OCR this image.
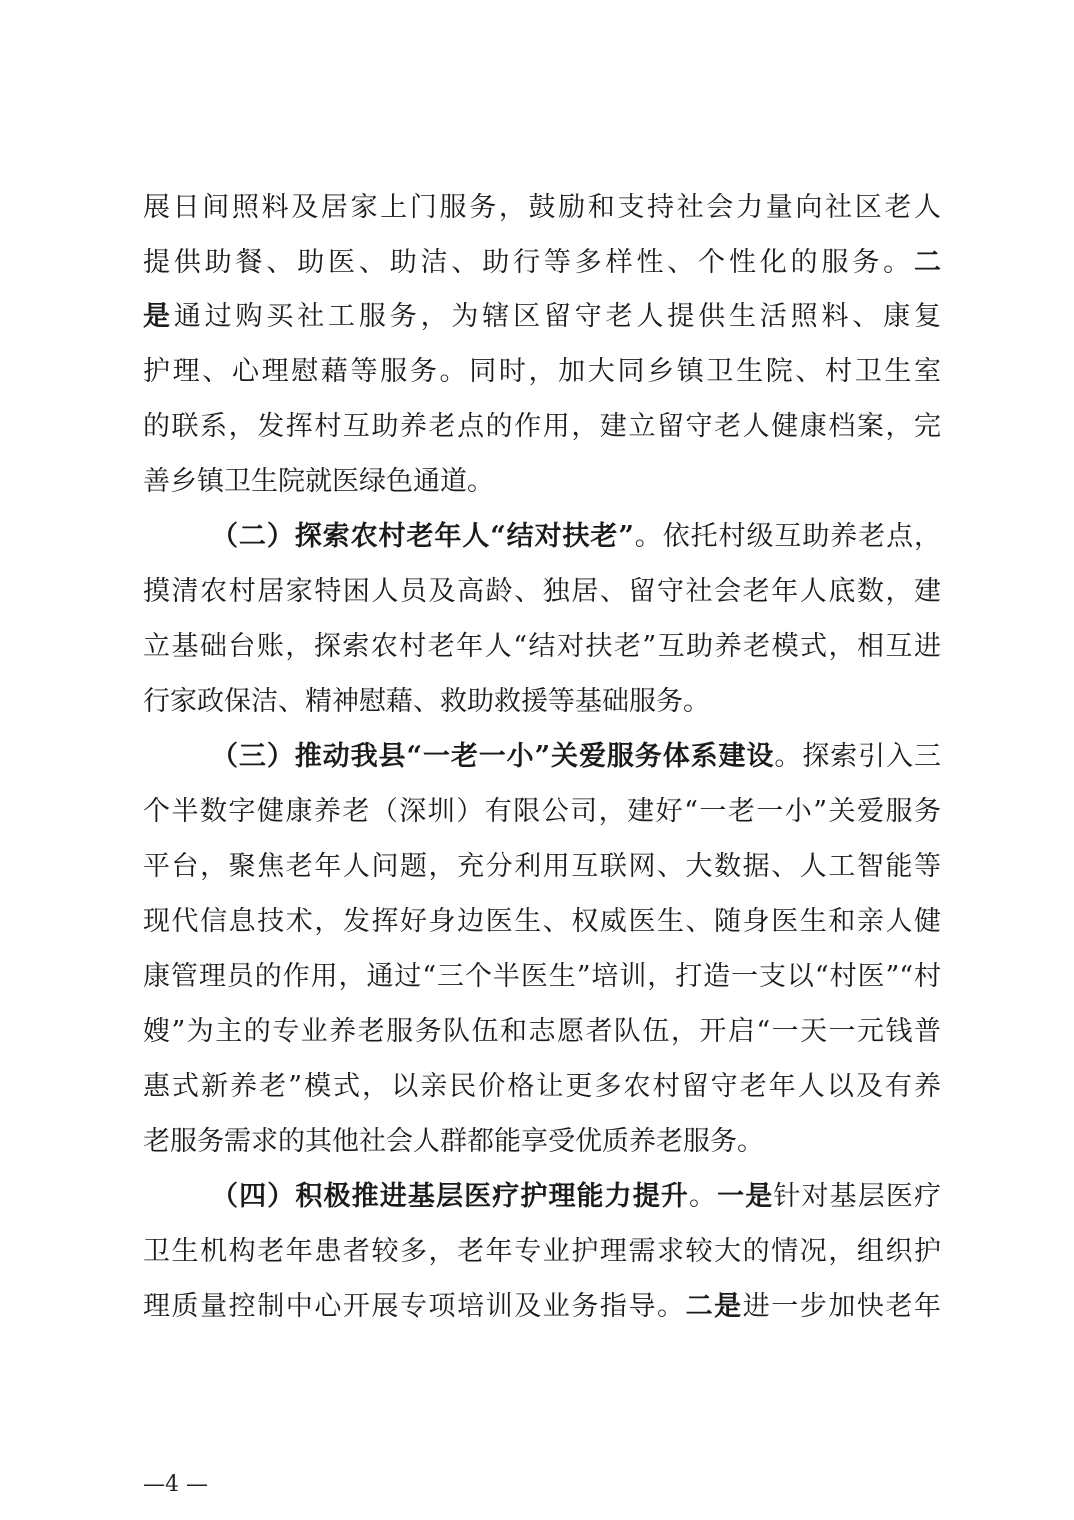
展日间照料及居家上门服务，鼓励和支持社会力量向社区老人
提供助餐、助医、助洁、助行等多样性、个性化的服务。二
是通过购买社工服务，为辖区留守老人提供生活照料、康复
护理、心理慰藉等服务。同时，加大同乡镇卫生院、村卫生室
的联系，发挥村互助养老点的作用，建立留守老人健康档案，完
善乡镇卫生院就医绿色通道。
（二）探索农村老年人“结对扶老”。依托村级互助养老点，
摸清农村居家特困人员及高龄、独居、留守社会老年人底数，建
立基础台账，探索农村老年人“结对扶老”互助养老模式，相互进
行家政保洁、精神慰藉、救助救援等基础服务。
（三）推动我县“一老一小”关爱服务体系建设。探索引入三
个半数字健康养老（深圳）有限公司，建好“一老一小”关爱服务
平台，聚焦老年人问题，充分利用互联网、大数据、人工智能等
现代信息技术，发挥好身边医生、权威医生、随身医生和亲人健
康管理员的作用，通过“三个半医生”培训，打造一支以“村医”“村
嫂”为主的专业养老服务队伍和志愿者队伍，开启“一天一元钱普
惠式新养老”模式，以亲民价格让更多农村留守老年人以及有养
老服务需求的其他社会人群都能享受优质养老服务。
（四）积极推进基层医疗护理能力提升。一是针对基层医疗
卫生机构老年患者较多，老年专业护理需求较大的情况，组织护
理质量控制中心开展专项培训及业务指导。二是进一步加快老年
—4 —
